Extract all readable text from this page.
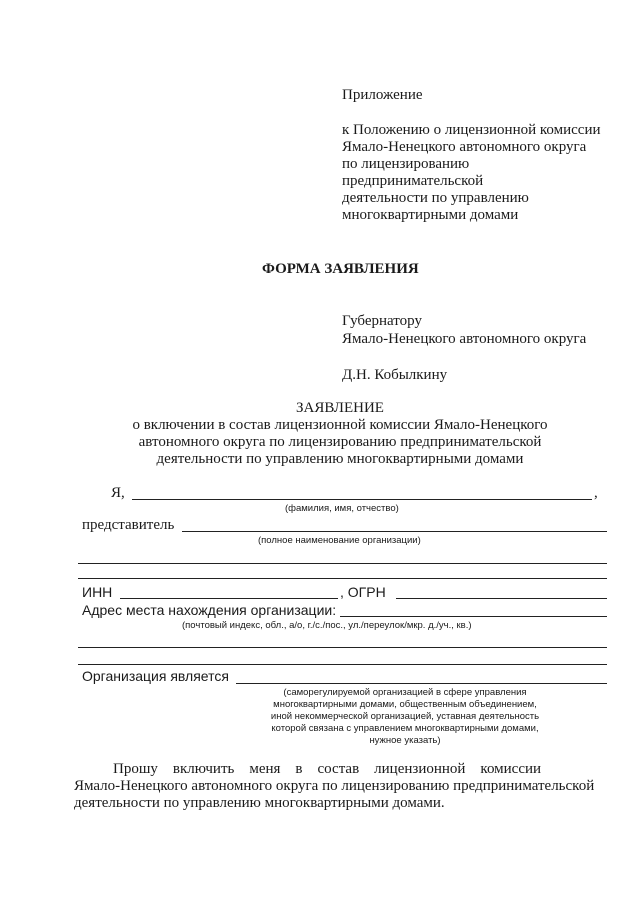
Приложение
к Положению о лицензионной комиссии
Ямало-Ненецкого автономного округа
по лицензированию
предпринимательской
деятельности по управлению
многоквартирными домами
ФОРМА ЗАЯВЛЕНИЯ
Губернатору
Ямало-Ненецкого автономного округа
Д.Н. Кобылкину
ЗАЯВЛЕНИЕ
о включении в состав лицензионной комиссии Ямало-Ненецкого
автономного округа по лицензированию предпринимательской
деятельности по управлению многоквартирными домами
Я,	,
(фамилия, имя, отчество)
представитель
(полное наименование организации)
ИНН	, ОГРН
Адрес места нахождения организации:
(почтовый индекс, обл., а/о, г./с./пос., ул./переулок/мкр. д./уч., кв.)
Организация является
(саморегулируемой организацией в сфере управления
многоквартирными домами, общественным объединением,
иной некоммерческой организацией, уставная деятельность
которой связана с управлением многоквартирными домами,
нужное указать)
Прошу    включить    меня    в    состав    лицензионной    комиссии
Ямало-Ненецкого автономного округа по лицензированию предпринимательской
деятельности по управлению многоквартирными домами.
